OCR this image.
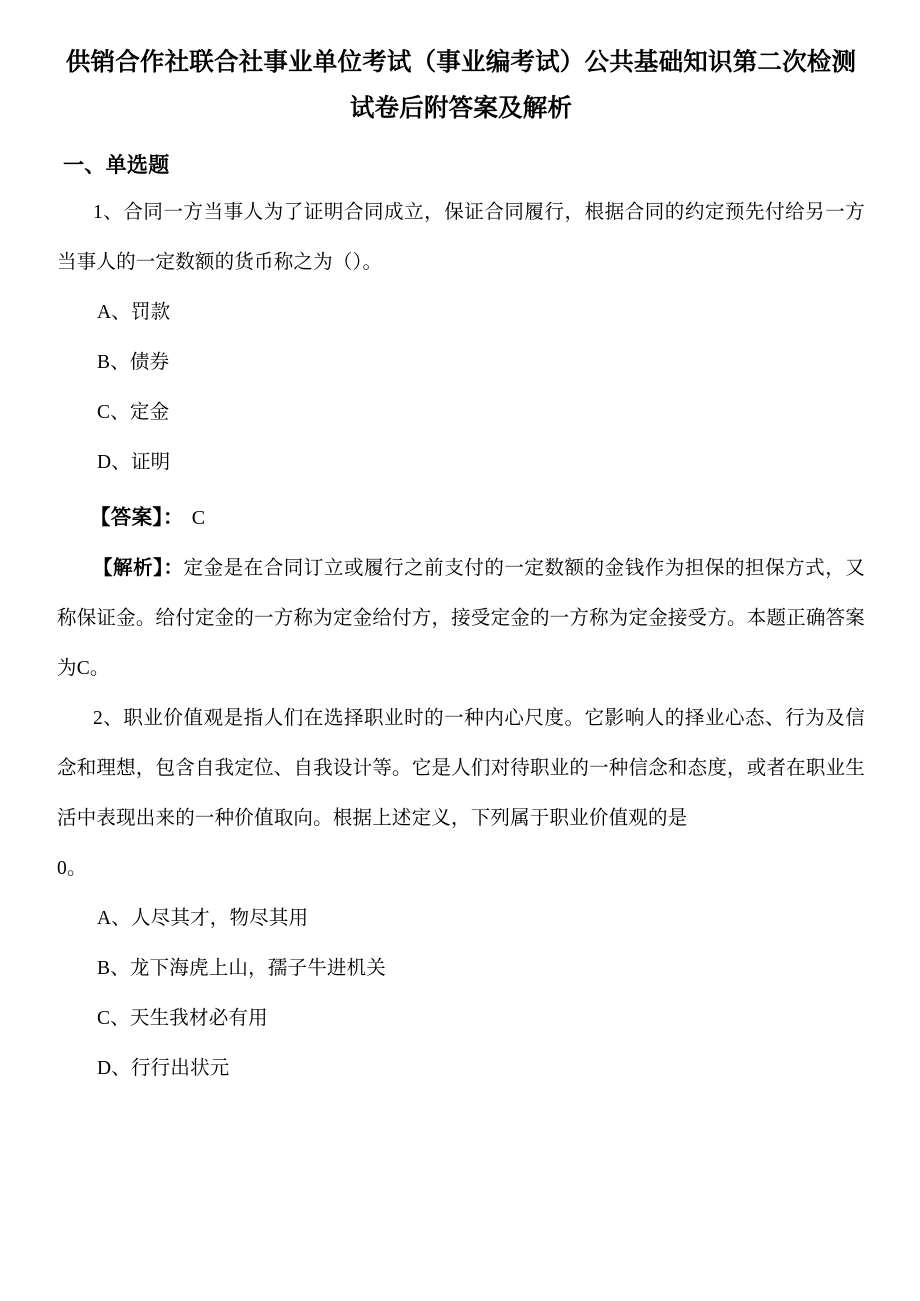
供销合作社联合社事业单位考试（事业编考试）公共基础知识第二次检测试卷后附答案及解析
一、单选题

1、合同一方当事人为了证明合同成立，保证合同履行，根据合同的约定预先付给另一方当事人的一定数额的货币称之为（）。

A、罚款

B、债券

C、定金

D、证明

【答案】： C

【解析】：定金是在合同订立或履行之前支付的一定数额的金钱作为担保的担保方式，又称保证金。给付定金的一方称为定金给付方，接受定金的一方称为定金接受方。本题正确答案为C。

2、职业价值观是指人们在选择职业时的一种内心尺度。它影响人的择业心态、行为及信念和理想，包含自我定位、自我设计等。它是人们对待职业的一种信念和态度，或者在职业生活中表现出来的一种价值取向。根据上述定义，下列属于职业价值观的是

0。

A、人尽其才，物尽其用

B、龙下海虎上山，孺子牛进机关

C、天生我材必有用

D、行行出状元
